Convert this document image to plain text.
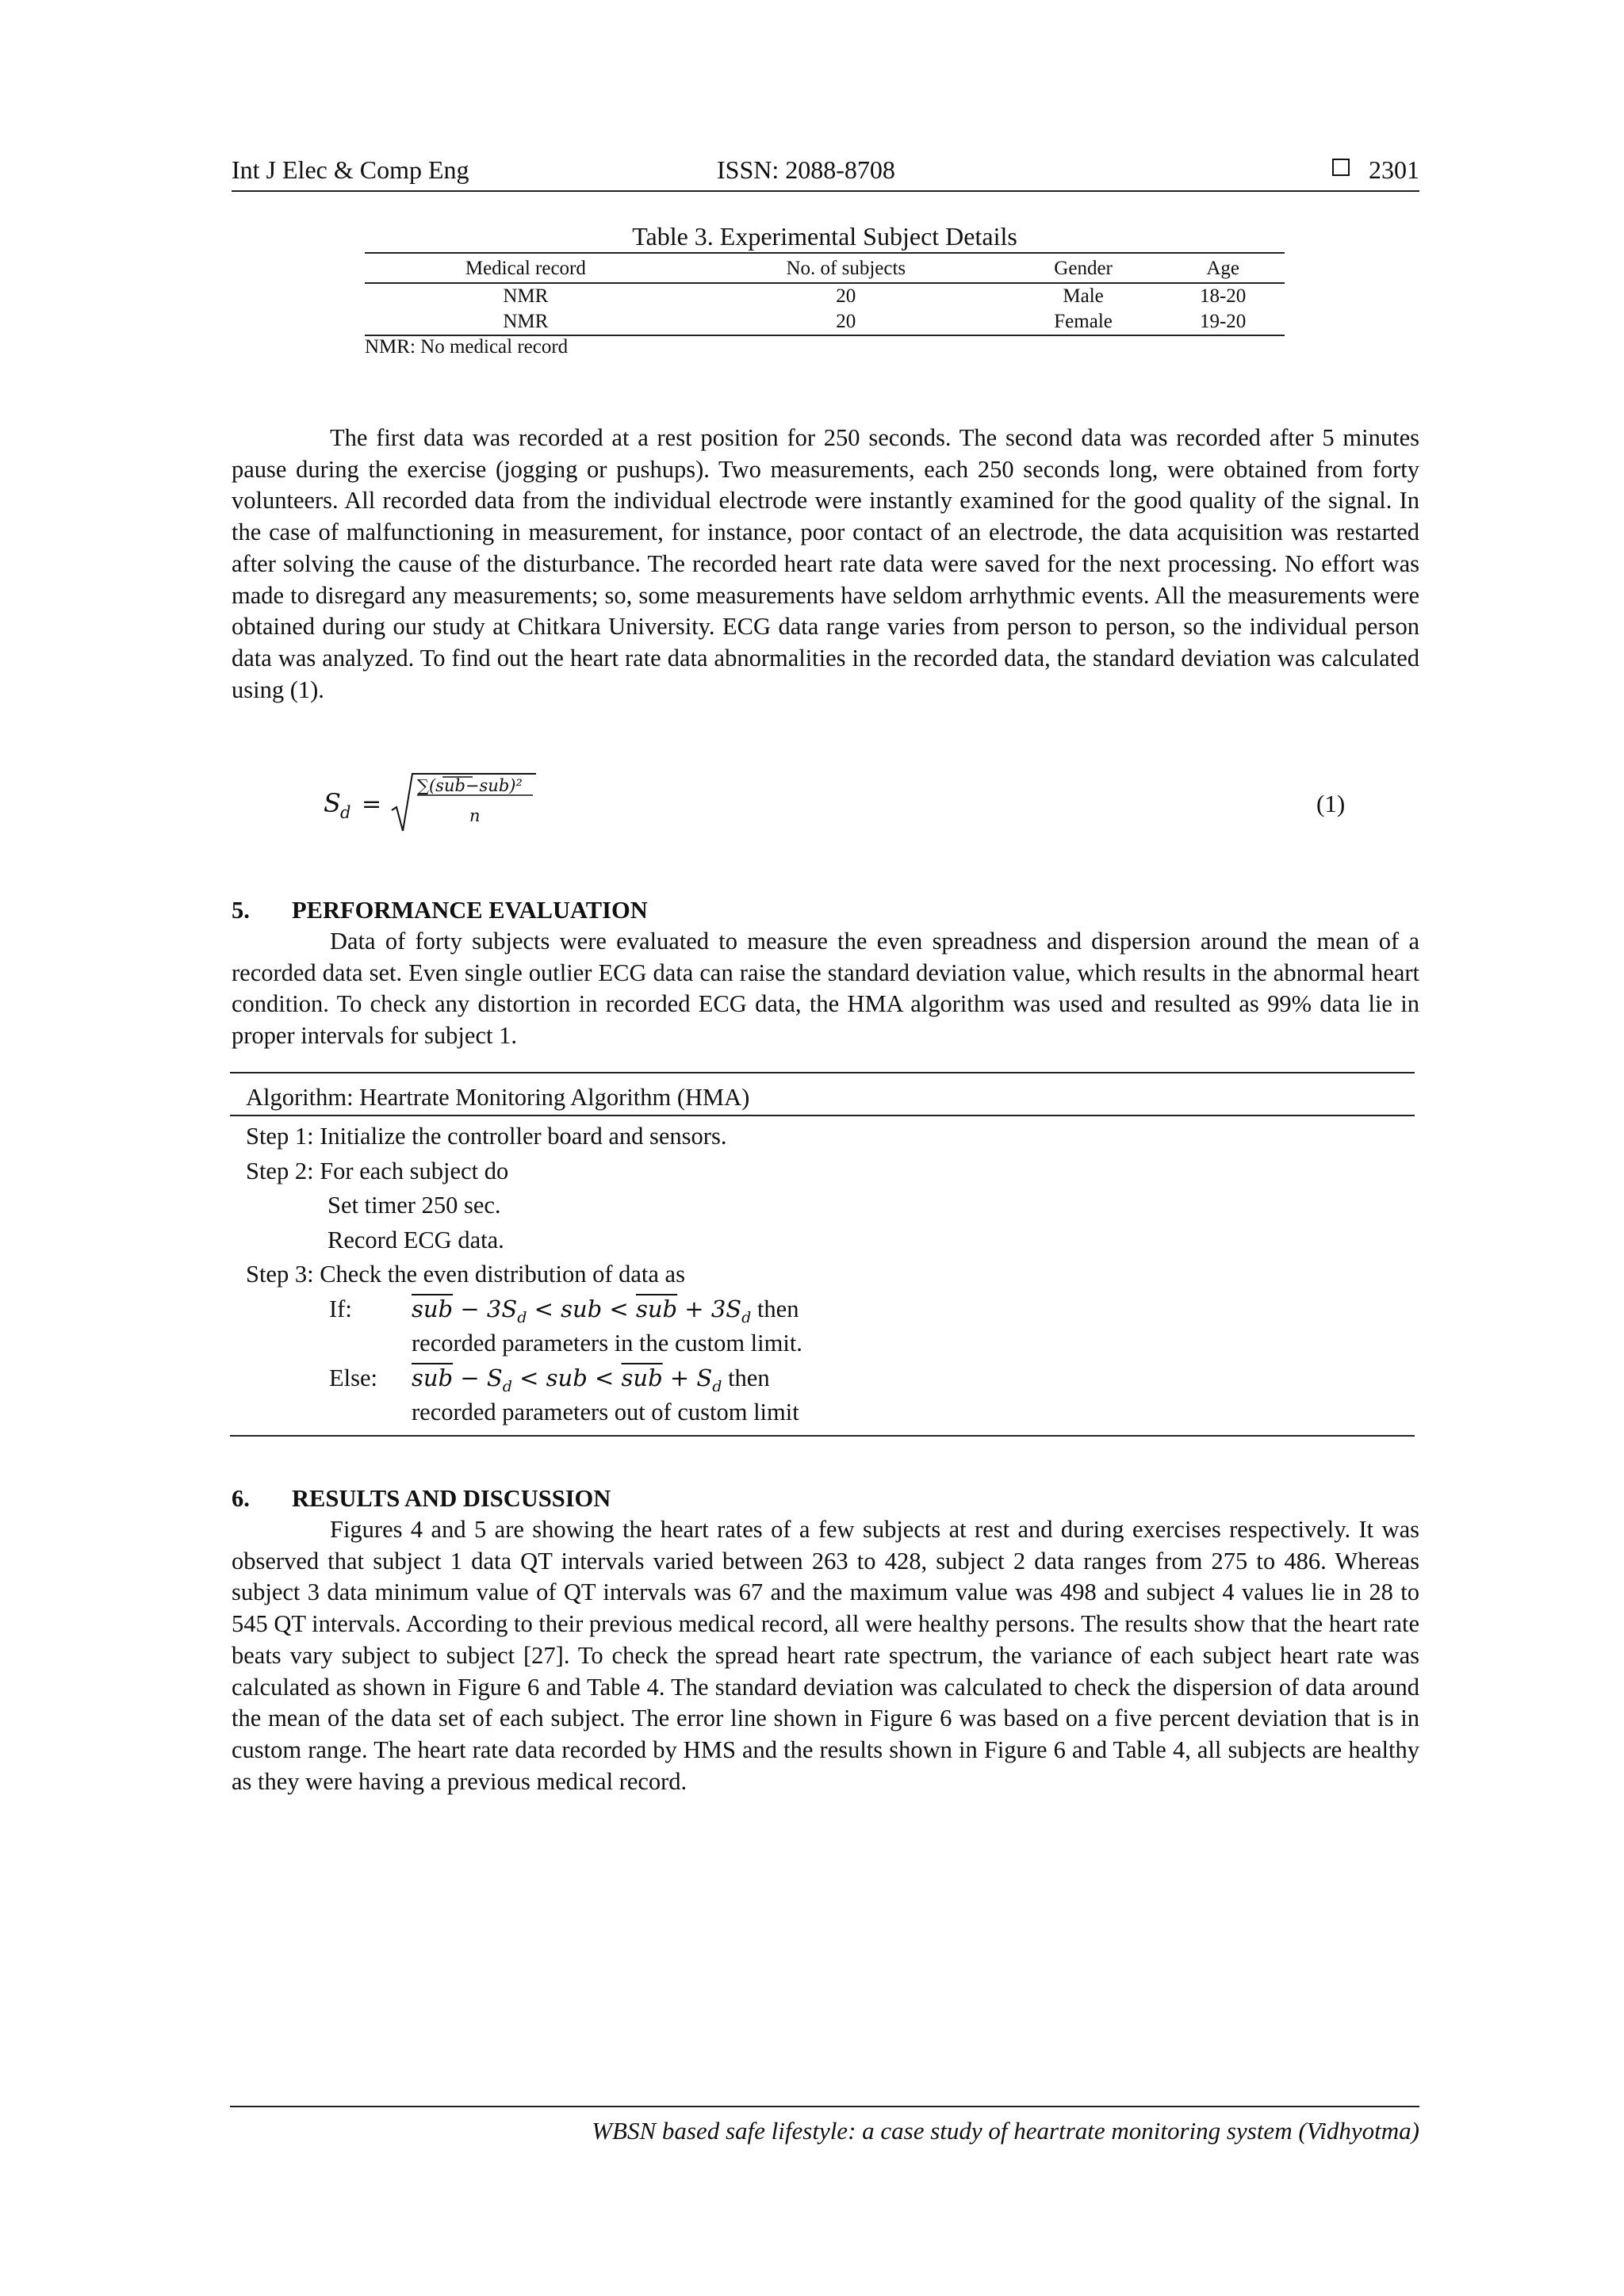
Int J Elec & Comp Eng	ISSN: 2088-8708	2301
Table 3. Experimental Subject Details
Medical record	No. of subjects	Gender	Age
NMR	20	Male	18-20
NMR	20	Female	19-20
NMR: No medical record

The first data was recorded at a rest position for 250 seconds. The second data was recorded after 5 minutes pause during the exercise (jogging or pushups). Two measurements, each 250 seconds long, were obtained from forty volunteers. All recorded data from the individual electrode were instantly examined for the good quality of the signal. In the case of malfunctioning in measurement, for instance, poor contact of an electrode, the data acquisition was restarted after solving the cause of the disturbance. The recorded heart rate data were saved for the next processing. No effort was made to disregard any measurements; so, some measurements have seldom arrhythmic events. All the measurements were obtained during our study at Chitkara University. ECG data range varies from person to person, so the individual person data was analyzed. To find out the heart rate data abnormalities in the recorded data, the standard deviation was calculated using (1).

S d =
∑(sub−sub)²
n	(1)
5. PERFORMANCE EVALUATION

Data of forty subjects were evaluated to measure the even spreadness and dispersion around the mean of a recorded data set. Even single outlier ECG data can raise the standard deviation value, which results in the abnormal heart condition. To check any distortion in recorded ECG data, the HMA algorithm was used and resulted as 99% data lie in proper intervals for subject 1.

Algorithm: Heartrate Monitoring Algorithm (HMA)
Step 1: Initialize the controller board and sensors.
Step 2: For each subject do
Set timer 250 sec.
Record ECG data.
Step 3: Check the even distribution of data as
If:	$\overline{sub} - 3S_d$ < sub < $\overline{sub} + 3S_d$ then
recorded parameters in the custom limit.
Else: $\overline{sub} - S_d$ < sub < $\overline{sub} + S_d$ then
recorded parameters out of custom limit
6. RESULTS AND DISCUSSION

Figures 4 and 5 are showing the heart rates of a few subjects at rest and during exercises respectively. It was observed that subject 1 data QT intervals varied between 263 to 428, subject 2 data ranges from 275 to 486. Whereas subject 3 data minimum value of QT intervals was 67 and the maximum value was 498 and subject 4 values lie in 28 to 545 QT intervals. According to their previous medical record, all were healthy persons. The results show that the heart rate beats vary subject to subject [27]. To check the spread heart rate spectrum, the variance of each subject heart rate was calculated as shown in Figure 6 and Table 4. The standard deviation was calculated to check the dispersion of data around the mean of the data set of each subject. The error line shown in Figure 6 was based on a five percent deviation that is in custom range. The heart rate data recorded by HMS and the results shown in Figure 6 and Table 4, all subjects are healthy as they were having a previous medical record.

WBSN based safe lifestyle: a case study of heartrate monitoring system (Vidhyotma)
